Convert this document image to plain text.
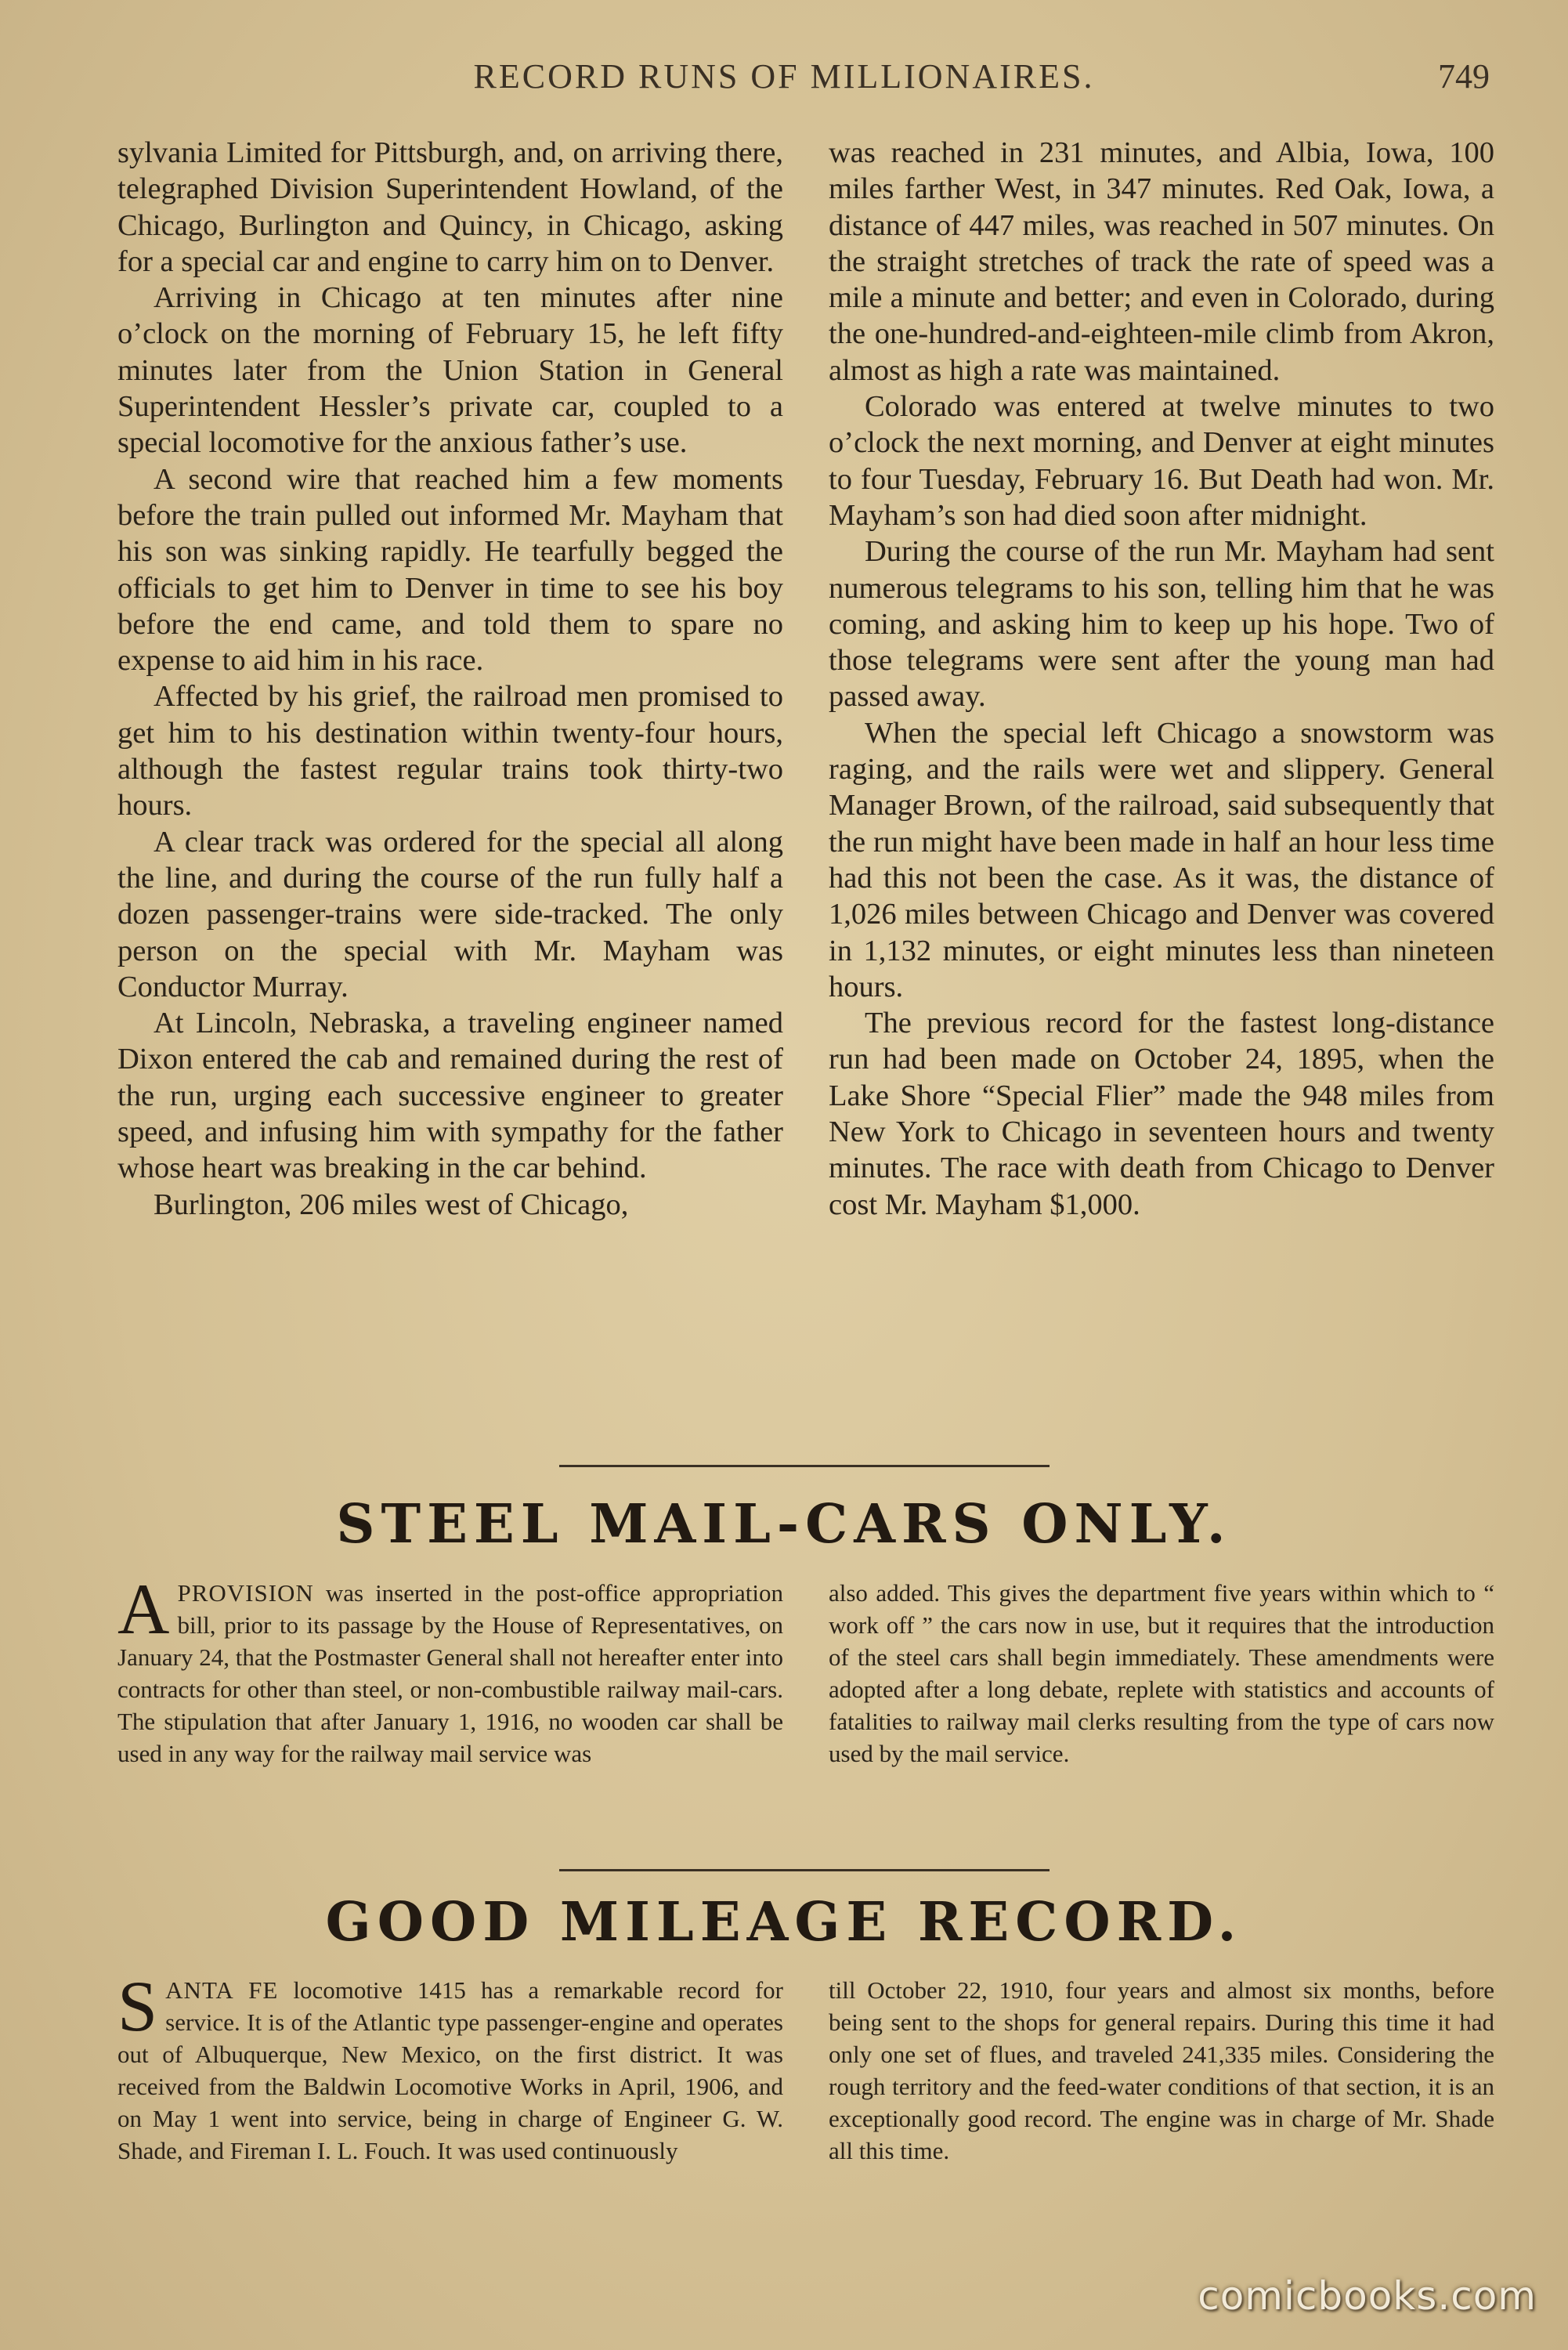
RECORD RUNS OF MILLIONAIRES.	749

sylvania Limited for Pittsburgh, and, on arriving there, telegraphed Division Superintendent Howland, of the Chicago, Burlington and Quincy, in Chicago, asking for a special car and engine to carry him on to Denver.

Arriving in Chicago at ten minutes after nine o’clock on the morning of February 15, he left fifty minutes later from the Union Station in General Superintendent Hessler’s private car, coupled to a special locomotive for the anxious father’s use.

A second wire that reached him a few moments before the train pulled out informed Mr. Mayham that his son was sinking rapidly. He tearfully begged the officials to get him to Denver in time to see his boy before the end came, and told them to spare no expense to aid him in his race.

Affected by his grief, the railroad men promised to get him to his destination within twenty-four hours, although the fastest regular trains took thirty-two hours.

A clear track was ordered for the special all along the line, and during the course of the run fully half a dozen passenger-trains were side-tracked. The only person on the special with Mr. Mayham was Conductor Murray.

At Lincoln, Nebraska, a traveling engineer named Dixon entered the cab and remained during the rest of the run, urging each successive engineer to greater speed, and infusing him with sympathy for the father whose heart was breaking in the car behind.

Burlington, 206 miles west of Chicago,

was reached in 231 minutes, and Albia, Iowa, 100 miles farther West, in 347 minutes. Red Oak, Iowa, a distance of 447 miles, was reached in 507 minutes. On the straight stretches of track the rate of speed was a mile a minute and better; and even in Colorado, during the one-hundred-and-eighteen-mile climb from Akron, almost as high a rate was maintained.

Colorado was entered at twelve minutes to two o’clock the next morning, and Denver at eight minutes to four Tuesday, February 16. But Death had won. Mr. Mayham’s son had died soon after midnight.

During the course of the run Mr. Mayham had sent numerous telegrams to his son, telling him that he was coming, and asking him to keep up his hope. Two of those telegrams were sent after the young man had passed away.

When the special left Chicago a snowstorm was raging, and the rails were wet and slippery. General Manager Brown, of the railroad, said subsequently that the run might have been made in half an hour less time had this not been the case. As it was, the distance of 1,026 miles between Chicago and Denver was covered in 1,132 minutes, or eight minutes less than nineteen hours.

The previous record for the fastest long-distance run had been made on October 24, 1895, when the Lake Shore “Special Flier” made the 948 miles from New York to Chicago in seventeen hours and twenty minutes. The race with death from Chicago to Denver cost Mr. Mayham $1,000.

STEEL MAIL-CARS ONLY.

APROVISION was inserted in the post-office appropriation bill, prior to its passage by the House of Representatives, on January 24, that the Postmaster General shall not hereafter enter into contracts for other than steel, or non-combustible railway mail-cars. The stipulation that after January 1, 1916, no wooden car shall be used in any way for the railway mail service was

also added. This gives the department five years within which to “ work off ” the cars now in use, but it requires that the introduction of the steel cars shall begin immediately. These amendments were adopted after a long debate, replete with statistics and accounts of fatalities to railway mail clerks resulting from the type of cars now used by the mail service.

GOOD MILEAGE RECORD.

SANTA FE locomotive 1415 has a remarkable record for service. It is of the Atlantic type passenger-engine and operates out of Albuquerque, New Mexico, on the first district. It was received from the Baldwin Locomotive Works in April, 1906, and on May 1 went into service, being in charge of Engineer G. W. Shade, and Fireman I. L. Fouch. It was used continuously

till October 22, 1910, four years and almost six months, before being sent to the shops for general repairs. During this time it had only one set of flues, and traveled 241,335 miles. Considering the rough territory and the feed-water conditions of that section, it is an exceptionally good record. The engine was in charge of Mr. Shade all this time.

comicbooks.com
